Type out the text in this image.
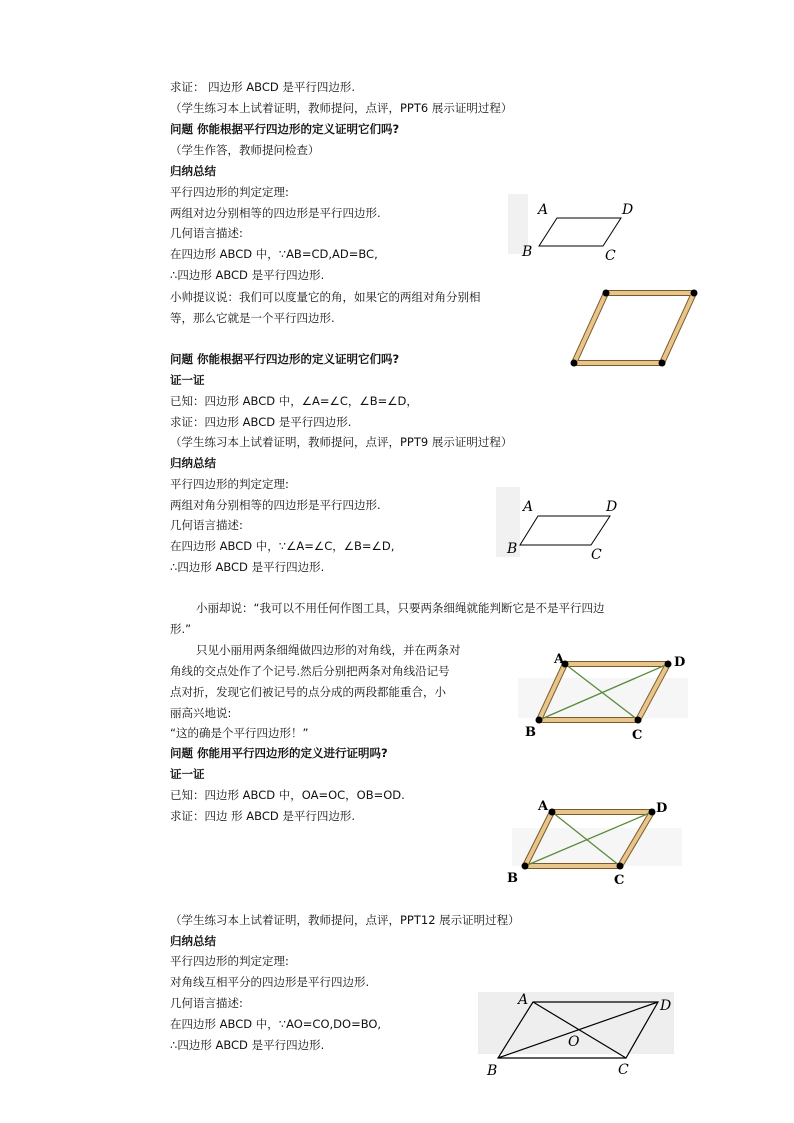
求证： 四边形 ABCD 是平行四边形.
（学生练习本上试着证明，教师提问，点评，PPT6 展示证明过程）
问题 你能根据平行四边形的定义证明它们吗?
（学生作答，教师提问检查）
归纳总结
平行四边形的判定定理:
两组对边分别相等的四边形是平行四边形.
几何语言描述:
在四边形 ABCD 中，∵AB=CD,AD=BC,
∴四边形 ABCD 是平行四边形.
小帅提议说：我们可以度量它的角，如果它的两组对角分别相
等，那么它就是一个平行四边形.
问题 你能根据平行四边形的定义证明它们吗?
证一证
已知：四边形 ABCD 中，∠A=∠C，∠B=∠D，
求证：四边形 ABCD 是平行四边形.
（学生练习本上试着证明，教师提问，点评，PPT9 展示证明过程）
归纳总结
平行四边形的判定定理:
两组对角分别相等的四边形是平行四边形.
几何语言描述:
在四边形 ABCD 中，∵∠A=∠C，∠B=∠D,
∴四边形 ABCD 是平行四边形.
小丽却说：“我可以不用任何作图工具，只要两条细绳就能判断它是不是平行四边
形.”
只见小丽用两条细绳做四边形的对角线，并在两条对
角线的交点处作了个记号.然后分别把两条对角线沿记号
点对折，发现它们被记号的点分成的两段都能重合，小
丽高兴地说:
“这的确是个平行四边形！”
问题 你能用平行四边形的定义进行证明吗?
证一证
已知：四边形 ABCD 中，OA=OC，OB=OD.
求证：四边 形 ABCD 是平行四边形.
（学生练习本上试着证明，教师提问，点评，PPT12 展示证明过程）
归纳总结
平行四边形的判定定理:
对角线互相平分的四边形是平行四边形.
几何语言描述:
在四边形 ABCD 中，∵AO=CO,DO=BO,
∴四边形 ABCD 是平行四边形.
A	D
B	C
A	D
B	C
A	D
B	C
A	D
B	C
A	D
O
B	C
